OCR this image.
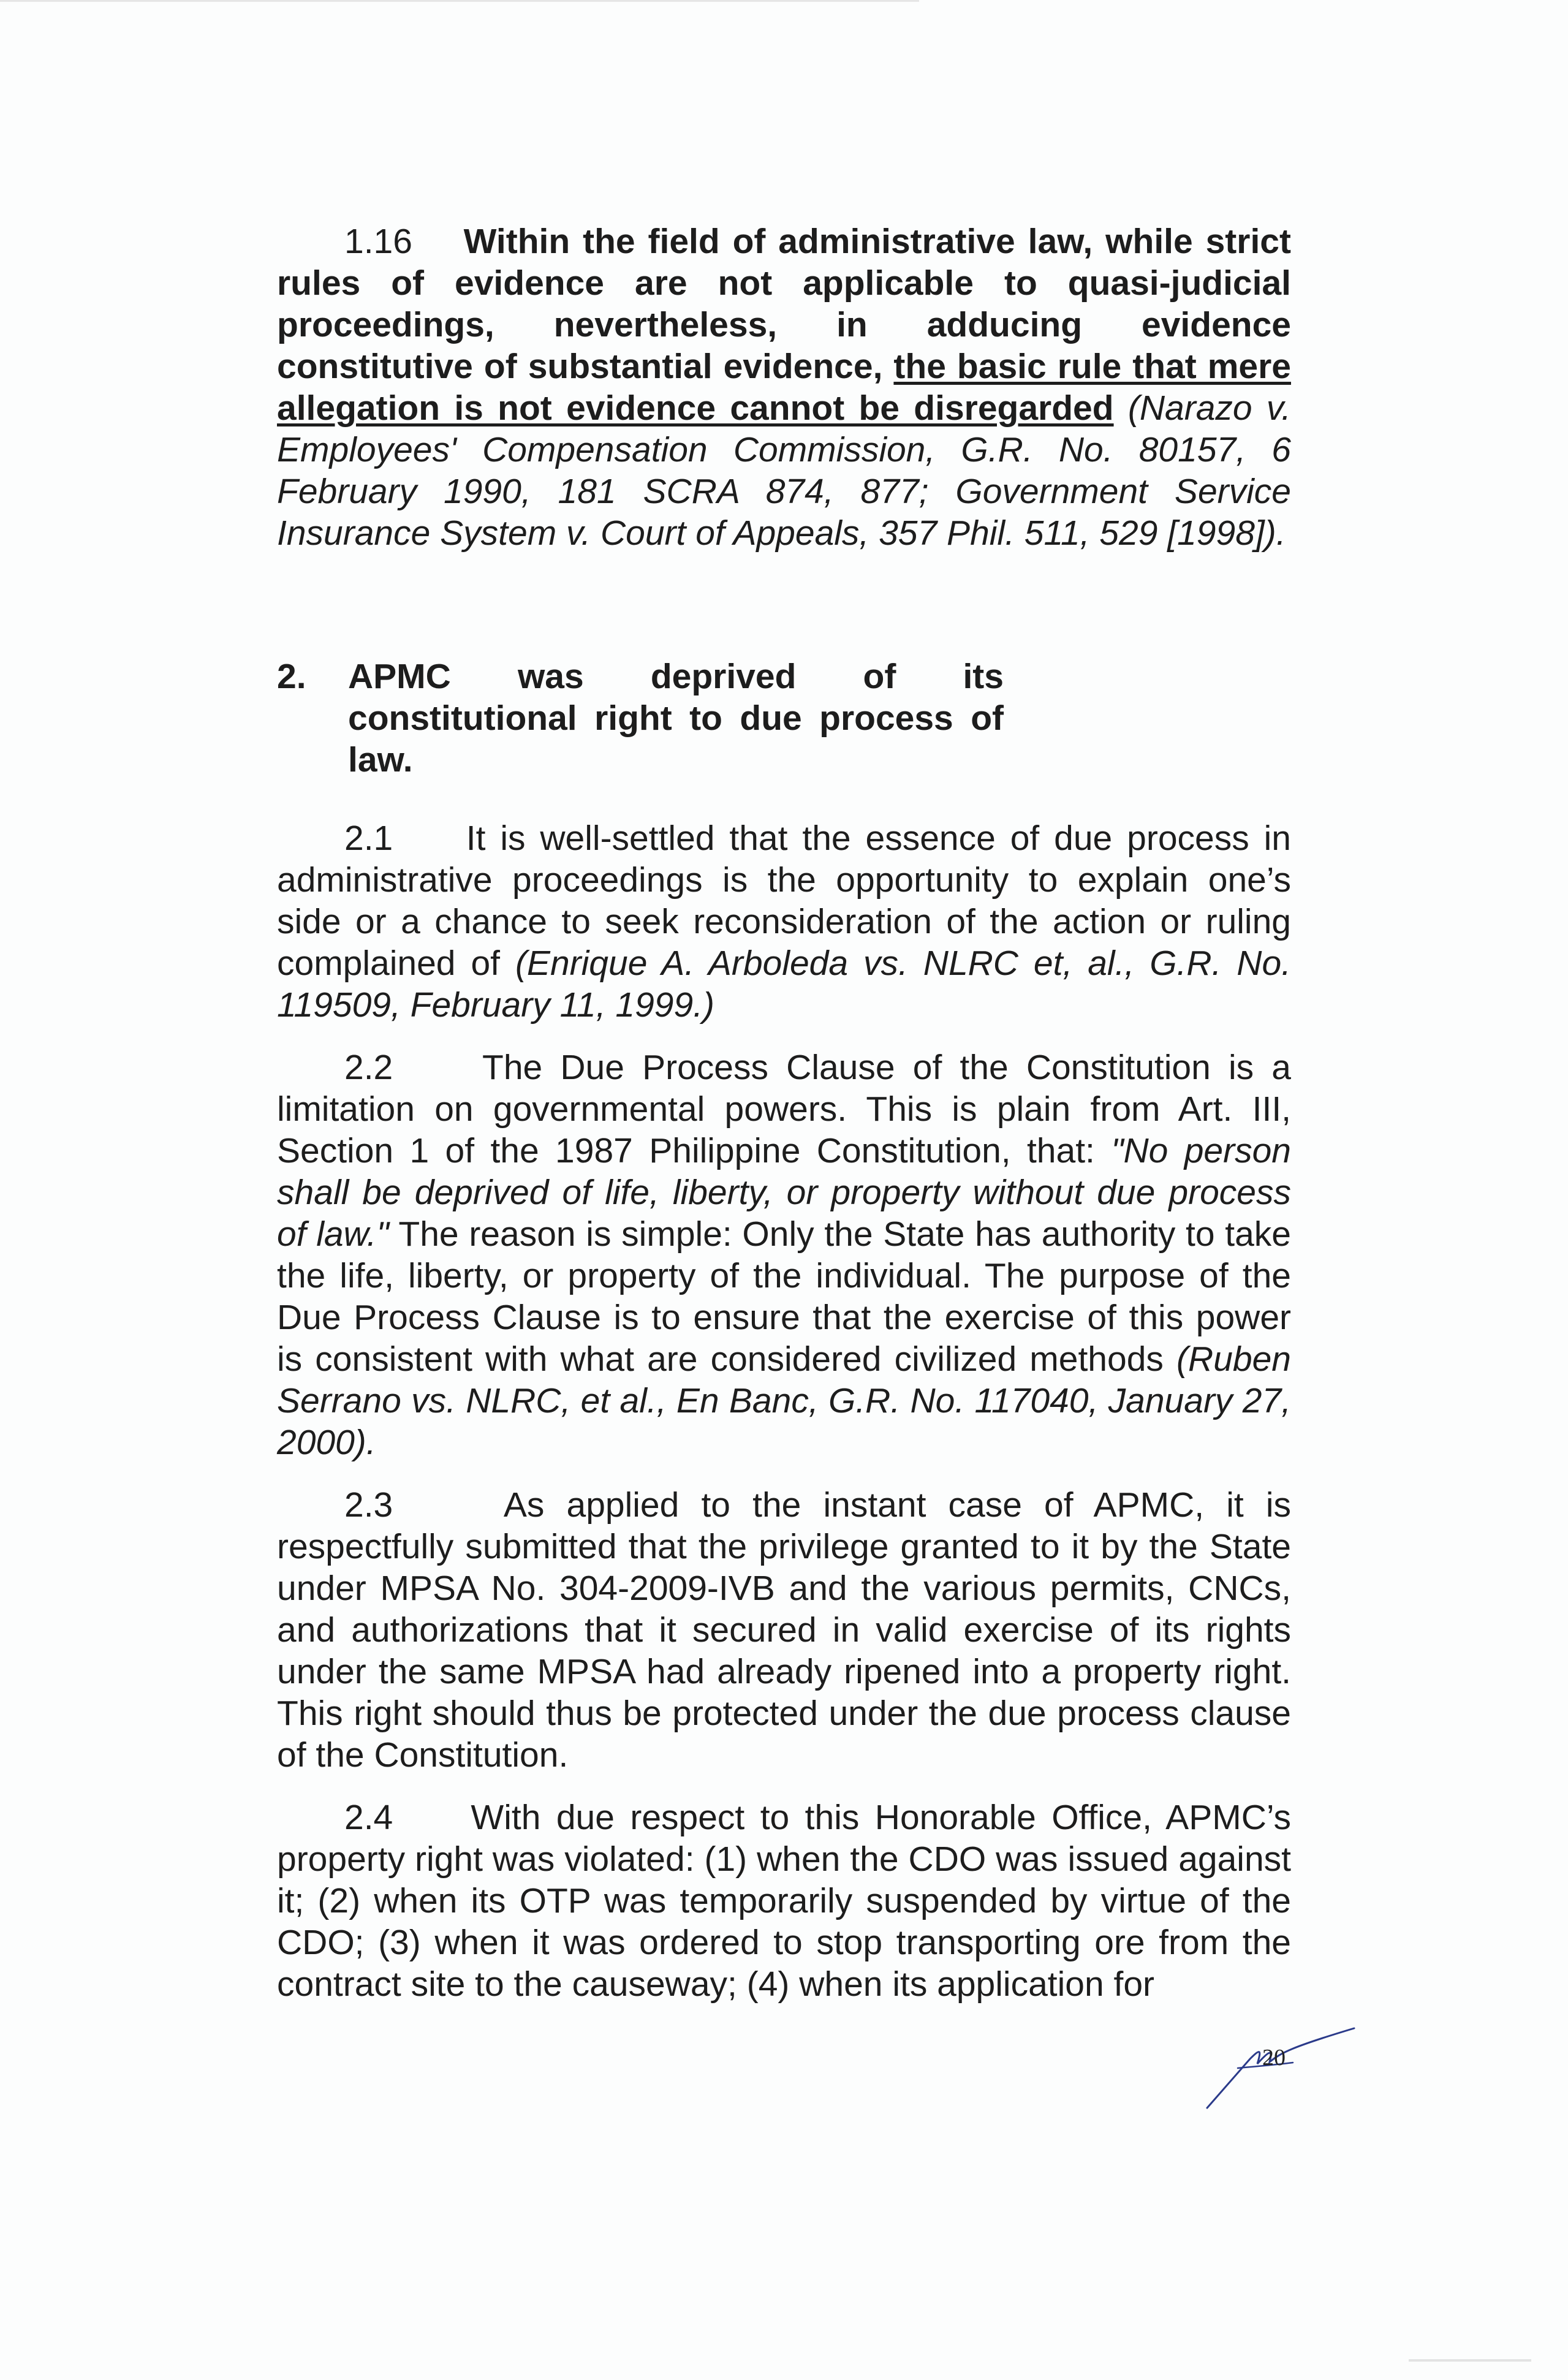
1.16 Within the field of administrative law, while strict rules of evidence are not applicable to quasi-judicial proceedings, nevertheless, in adducing evidence constitutive of substantial evidence, the basic rule that mere allegation is not evidence cannot be disregarded (Narazo v. Employees' Compensation Commission, G.R. No. 80157, 6 February 1990, 181 SCRA 874, 877; Government Service Insurance System v. Court of Appeals, 357 Phil. 511, 529 [1998]).

2.	APMC was deprived of its constitutional right to due process of law.

2.1 It is well-settled that the essence of due process in administrative proceedings is the opportunity to explain one’s side or a chance to seek reconsideration of the action or ruling complained of (Enrique A. Arboleda vs. NLRC et, al., G.R. No. 119509, February 11, 1999.)

2.2	The Due Process Clause of the Constitution is a limitation on governmental powers. This is plain from Art. III, Section 1 of the 1987 Philippine Constitution, that: "No person shall be deprived of life, liberty, or property without due process of law." The reason is simple: Only the State has authority to take the life, liberty, or property of the individual. The purpose of the Due Process Clause is to ensure that the exercise of this power is consistent with what are considered civilized methods (Ruben Serrano vs. NLRC, et al., En Banc, G.R. No. 117040, January 27, 2000).

2.3	As applied to the instant case of APMC, it is respectfully submitted that the privilege granted to it by the State under MPSA No. 304-2009-IVB and the various permits, CNCs, and authorizations that it secured in valid exercise of its rights under the same MPSA had already ripened into a property right. This right should thus be protected under the due process clause of the Constitution.

2.4 With due respect to this Honorable Office, APMC’s property right was violated: (1) when the CDO was issued against it; (2) when its OTP was temporarily suspended by virtue of the CDO; (3) when it was ordered to stop transporting ore from the contract site to the causeway; (4) when its application for

20
